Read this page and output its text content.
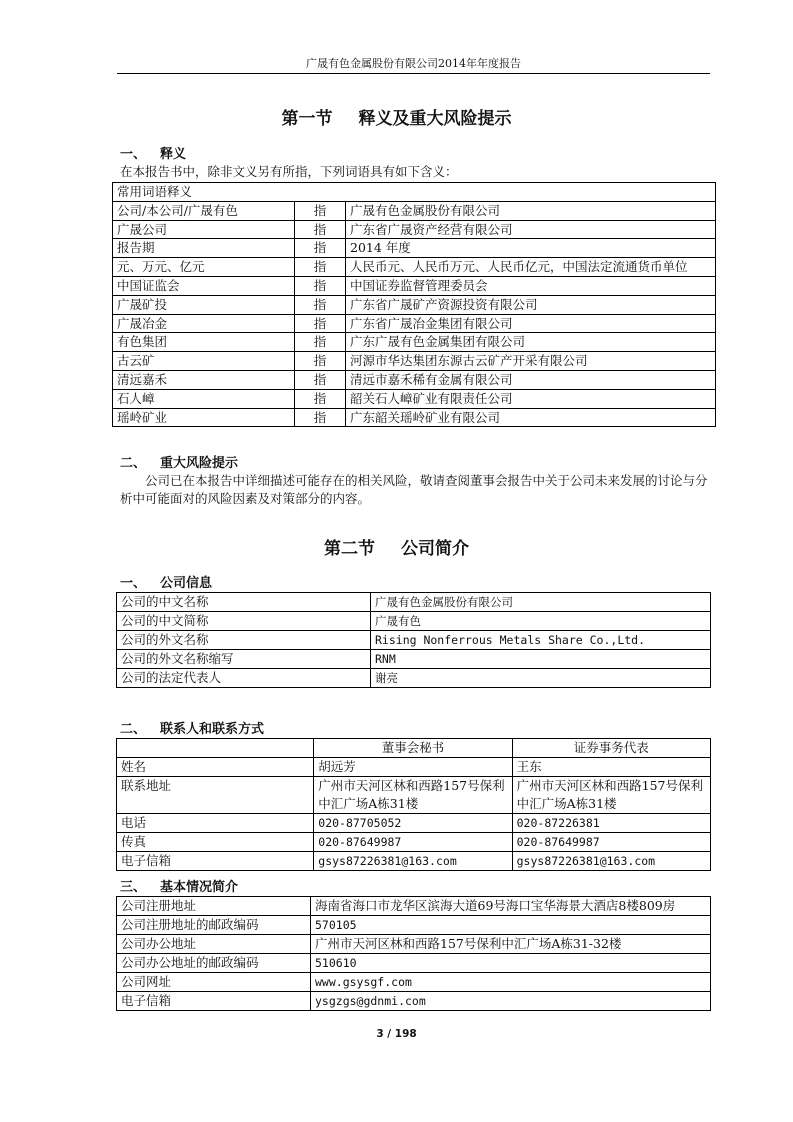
广晟有色金属股份有限公司2014年年度报告
第一节 释义及重大风险提示
一、 释义
在本报告书中，除非文义另有所指，下列词语具有如下含义：
常用词语释义		
公司/本公司/广晟有色	指	广晟有色金属股份有限公司
广晟公司	指	广东省广晟资产经营有限公司
报告期	指	2014 年度
元、万元、亿元	指	人民币元、人民币万元、人民币亿元，中国法定流通货币单位
中国证监会	指	中国证券监督管理委员会
广晟矿投	指	广东省广晟矿产资源投资有限公司
广晟冶金	指	广东省广晟冶金集团有限公司
有色集团	指	广东广晟有色金属集团有限公司
古云矿	指	河源市华达集团东源古云矿产开采有限公司
清远嘉禾	指	清远市嘉禾稀有金属有限公司
石人嶂	指	韶关石人嶂矿业有限责任公司
瑶岭矿业	指	广东韶关瑶岭矿业有限公司
二、 重大风险提示
公司已在本报告中详细描述可能存在的相关风险，敬请查阅董事会报告中关于公司未来发展的讨论与分析中可能面对的风险因素及对策部分的内容。
第二节 公司简介
一、 公司信息
公司的中文名称	广晟有色金属股份有限公司
公司的中文简称	广晟有色
公司的外文名称	Rising Nonferrous Metals Share Co.,Ltd.
公司的外文名称缩写	RNM
公司的法定代表人	谢亮
二、 联系人和联系方式
	董事会秘书	证券事务代表
姓名	胡远芳	王东
联系地址	广州市天河区林和西路157号保利中汇广场A栋31楼	广州市天河区林和西路157号保利中汇广场A栋31楼
电话	020-87705052	020-87226381
传真	020-87649987	020-87649987
电子信箱	gsys87226381@163.com	gsys87226381@163.com
三、 基本情况简介
公司注册地址	海南省海口市龙华区滨海大道69号海口宝华海景大酒店8楼809房
公司注册地址的邮政编码	570105
公司办公地址	广州市天河区林和西路157号保利中汇广场A栋31-32楼
公司办公地址的邮政编码	510610
公司网址	www.gsysgf.com
电子信箱	ysgzgs@gdnmi.com
3 / 198
